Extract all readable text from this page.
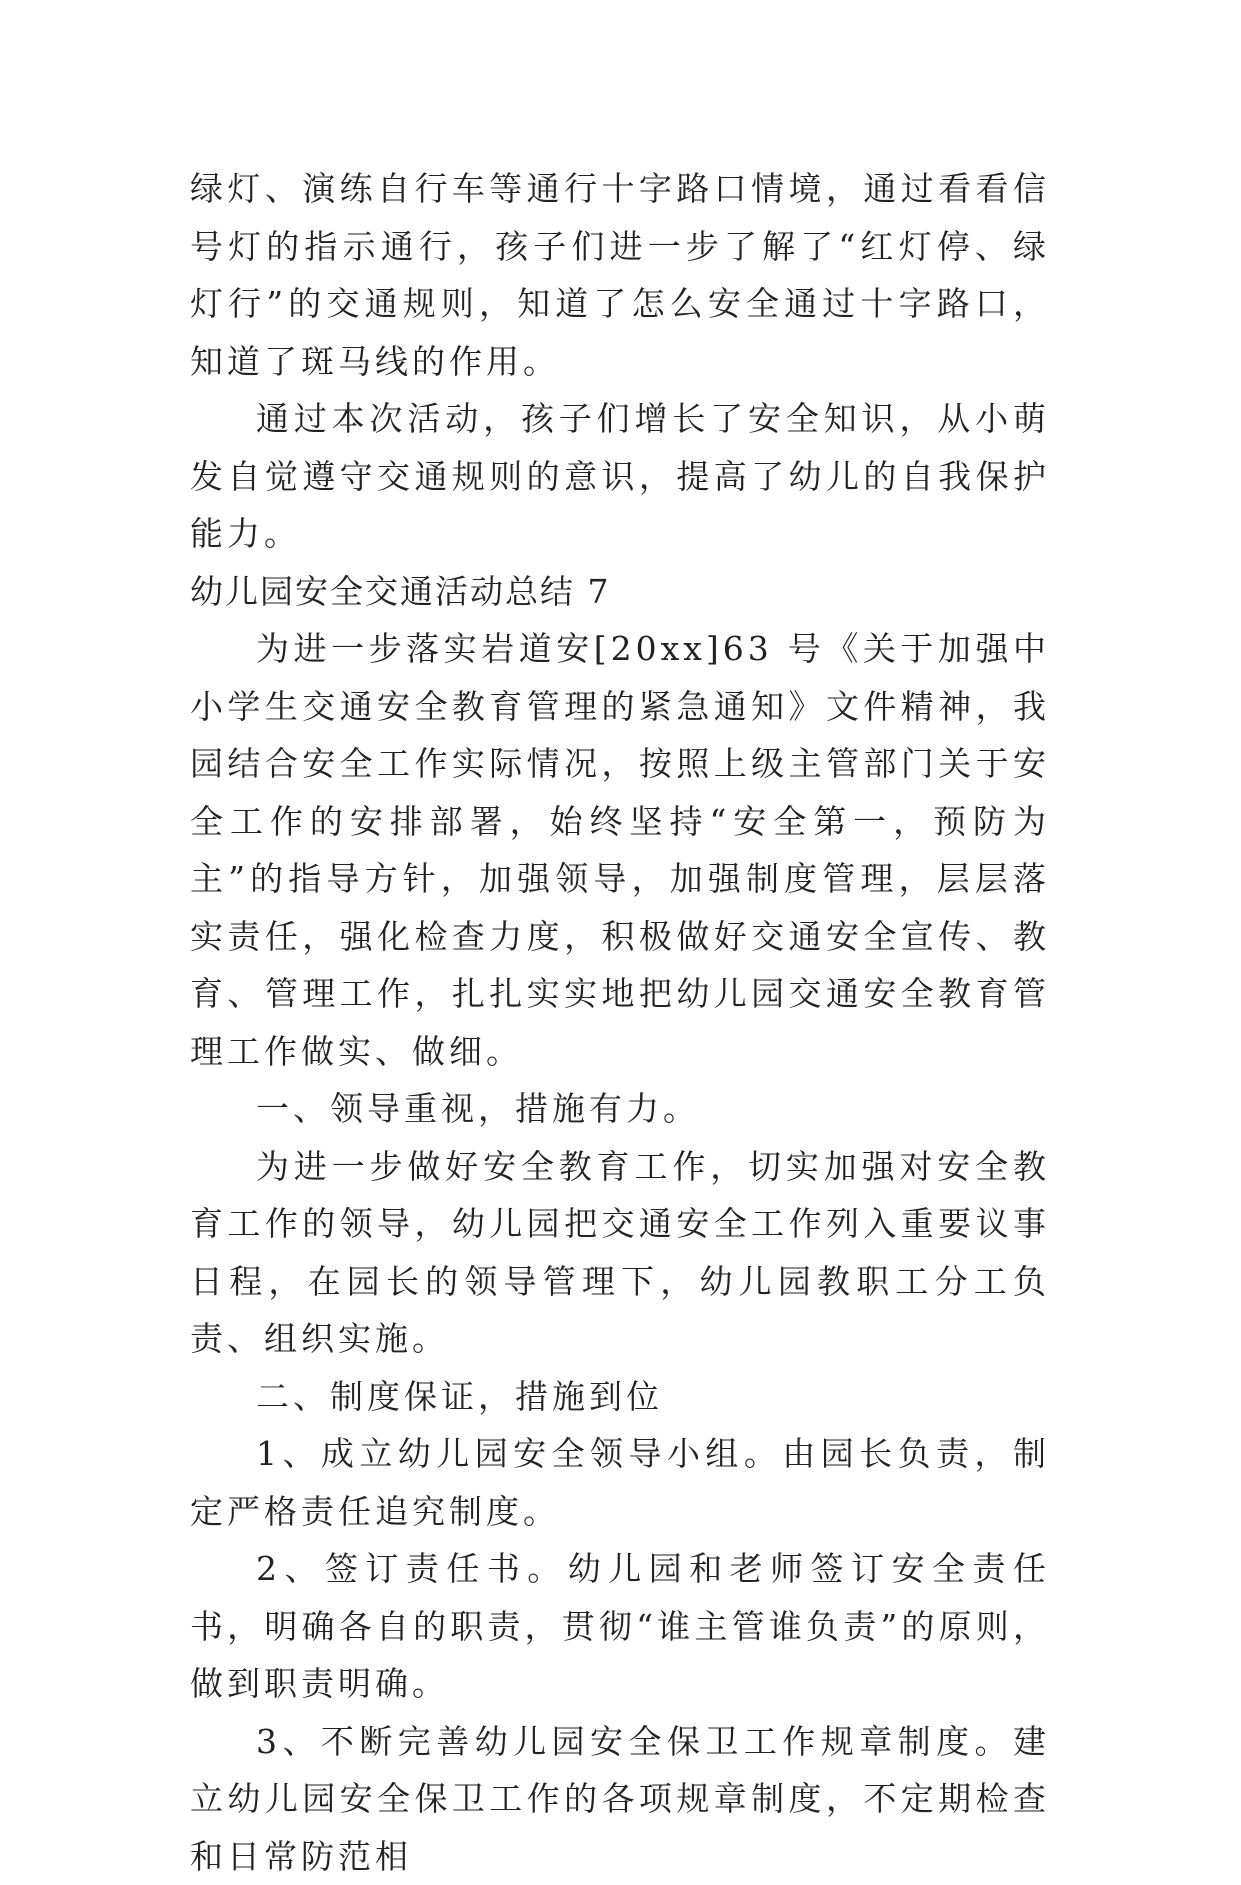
绿灯、演练自行车等通行十字路口情境，通过看看信号灯的指示通行，孩子们进一步了解了“红灯停、绿灯行”的交通规则，知道了怎么安全通过十字路口，知道了斑马线的作用。

通过本次活动，孩子们增长了安全知识，从小萌发自觉遵守交通规则的意识，提高了幼儿的自我保护能力。

幼儿园安全交通活动总结 7

为进一步落实岩道安[20xx]63 号《关于加强中小学生交通安全教育管理的紧急通知》文件精神，我园结合安全工作实际情况，按照上级主管部门关于安全工作的安排部署，始终坚持“安全第一，预防为主”的指导方针，加强领导，加强制度管理，层层落实责任，强化检查力度，积极做好交通安全宣传、教育、管理工作，扎扎实实地把幼儿园交通安全教育管理工作做实、做细。

一、领导重视，措施有力。

为进一步做好安全教育工作，切实加强对安全教育工作的领导，幼儿园把交通安全工作列入重要议事日程，在园长的领导管理下，幼儿园教职工分工负责、组织实施。

二、制度保证，措施到位

1、成立幼儿园安全领导小组。由园长负责，制定严格责任追究制度。

2、签订责任书。幼儿园和老师签订安全责任书，明确各自的职责，贯彻“谁主管谁负责”的原则，做到职责明确。

3、不断完善幼儿园安全保卫工作规章制度。建立幼儿园安全保卫工作的各项规章制度，不定期检查和日常防范相
